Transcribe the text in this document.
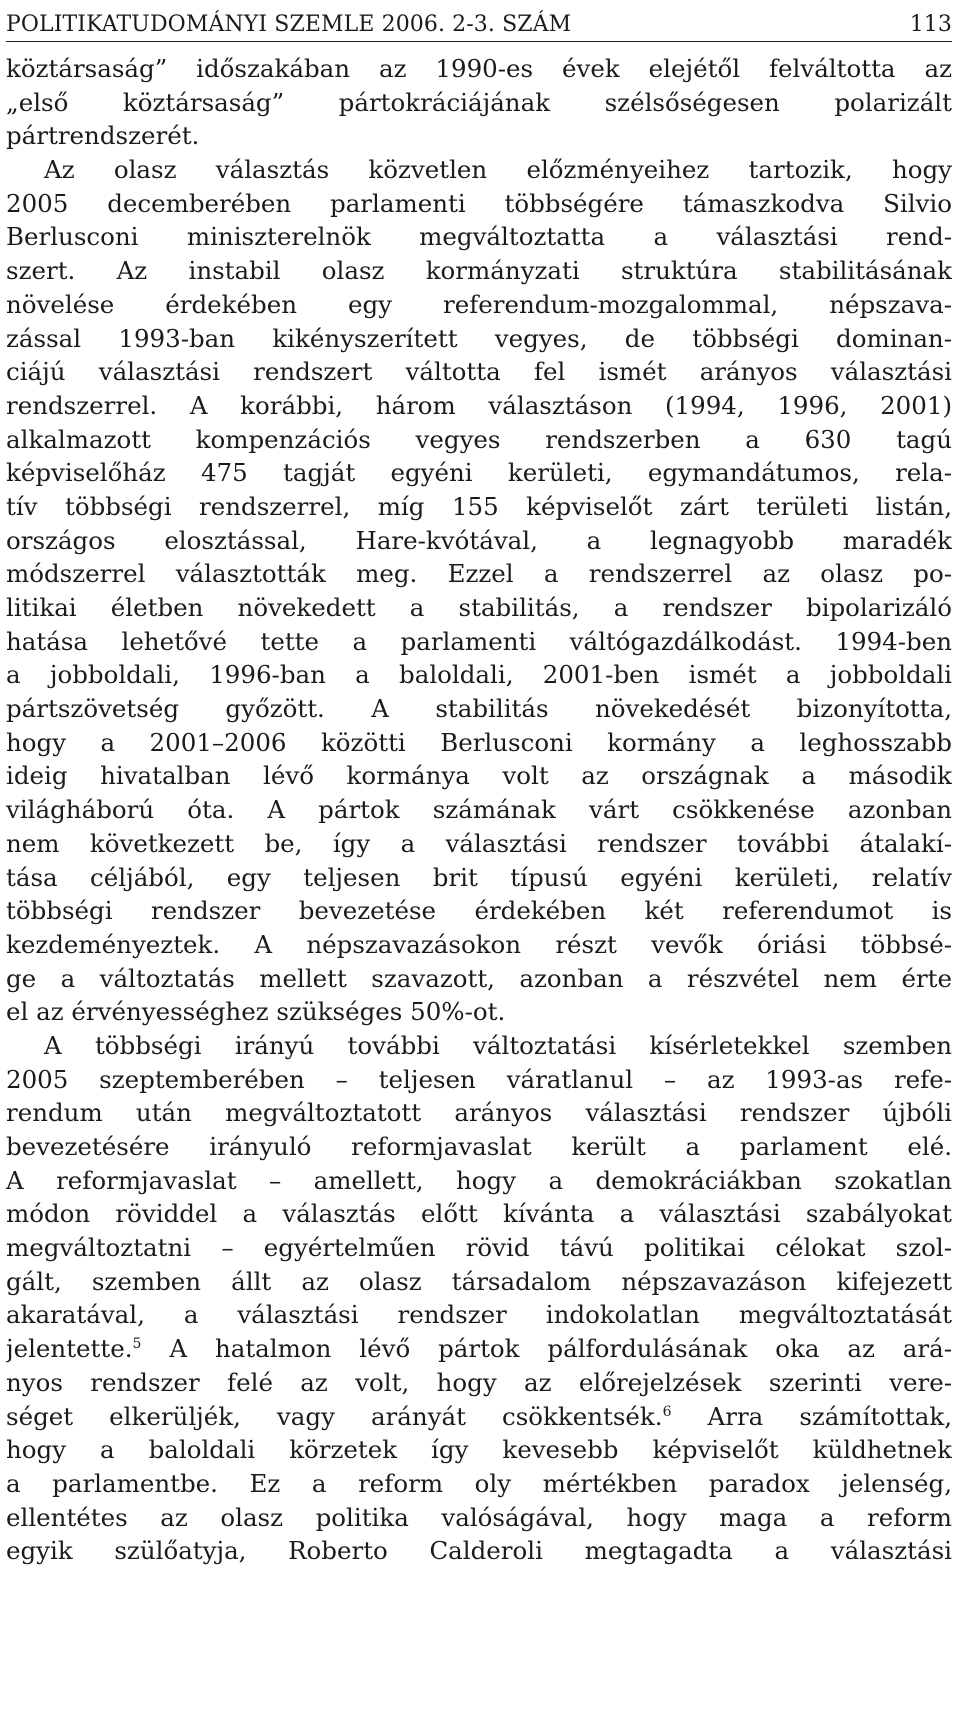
POLITIKATUDOMÁNYI SZEMLE 2006. 2-3. SZÁM	113
köztársaság” időszakában az 1990-es évek elejétől felváltotta az
„első köztársaság” pártokráciájának szélsőségesen polarizált
pártrendszerét.
Az olasz választás közvetlen előzményeihez tartozik, hogy
2005 decemberében parlamenti többségére támaszkodva Silvio
Berlusconi miniszterelnök megváltoztatta a választási rend-
szert. Az instabil olasz kormányzati struktúra stabilitásának
növelése érdekében egy referendum-mozgalommal, népszava-
zással 1993-ban kikényszerített vegyes, de többségi dominan-
ciájú választási rendszert váltotta fel ismét arányos választási
rendszerrel. A korábbi, három választáson (1994, 1996, 2001)
alkalmazott kompenzációs vegyes rendszerben a 630 tagú
képviselőház 475 tagját egyéni kerületi, egymandátumos, rela-
tív többségi rendszerrel, míg 155 képviselőt zárt területi listán,
országos elosztással, Hare-kvótával, a legnagyobb maradék
módszerrel választották meg. Ezzel a rendszerrel az olasz po-
litikai életben növekedett a stabilitás, a rendszer bipolarizáló
hatása lehetővé tette a parlamenti váltógazdálkodást. 1994-ben
a jobboldali, 1996-ban a baloldali, 2001-ben ismét a jobboldali
pártszövetség győzött. A stabilitás növekedését bizonyította,
hogy a 2001–2006 közötti Berlusconi kormány a leghosszabb
ideig hivatalban lévő kormánya volt az országnak a második
világháború óta. A pártok számának várt csökkenése azonban
nem következett be, így a választási rendszer további átalakí-
tása céljából, egy teljesen brit típusú egyéni kerületi, relatív
többségi rendszer bevezetése érdekében két referendumot is
kezdeményeztek. A népszavazásokon részt vevők óriási többsé-
ge a változtatás mellett szavazott, azonban a részvétel nem érte
el az érvényességhez szükséges 50%-ot.
A többségi irányú további változtatási kísérletekkel szemben
2005 szeptemberében – teljesen váratlanul – az 1993-as refe-
rendum után megváltoztatott arányos választási rendszer újbóli
bevezetésére irányuló reformjavaslat került a parlament elé.
A reformjavaslat – amellett, hogy a demokráciákban szokatlan
módon röviddel a választás előtt kívánta a választási szabályokat
megváltoztatni – egyértelműen rövid távú politikai célokat szol-
gált, szemben állt az olasz társadalom népszavazáson kifejezett
akaratával, a választási rendszer indokolatlan megváltoztatását
jelentette.$^5$ A hatalmon lévő pártok pálfordulásának oka az ará-
nyos rendszer felé az volt, hogy az előrejelzések szerinti vere-
séget elkerüljék, vagy arányát csökkentsék.$^6$ Arra számítottak,
hogy a baloldali körzetek így kevesebb képviselőt küldhetnek
a parlamentbe. Ez a reform oly mértékben paradox jelenség,
ellentétes az olasz politika valóságával, hogy maga a reform
egyik szülőatyja, Roberto Calderoli megtagadta a választási
